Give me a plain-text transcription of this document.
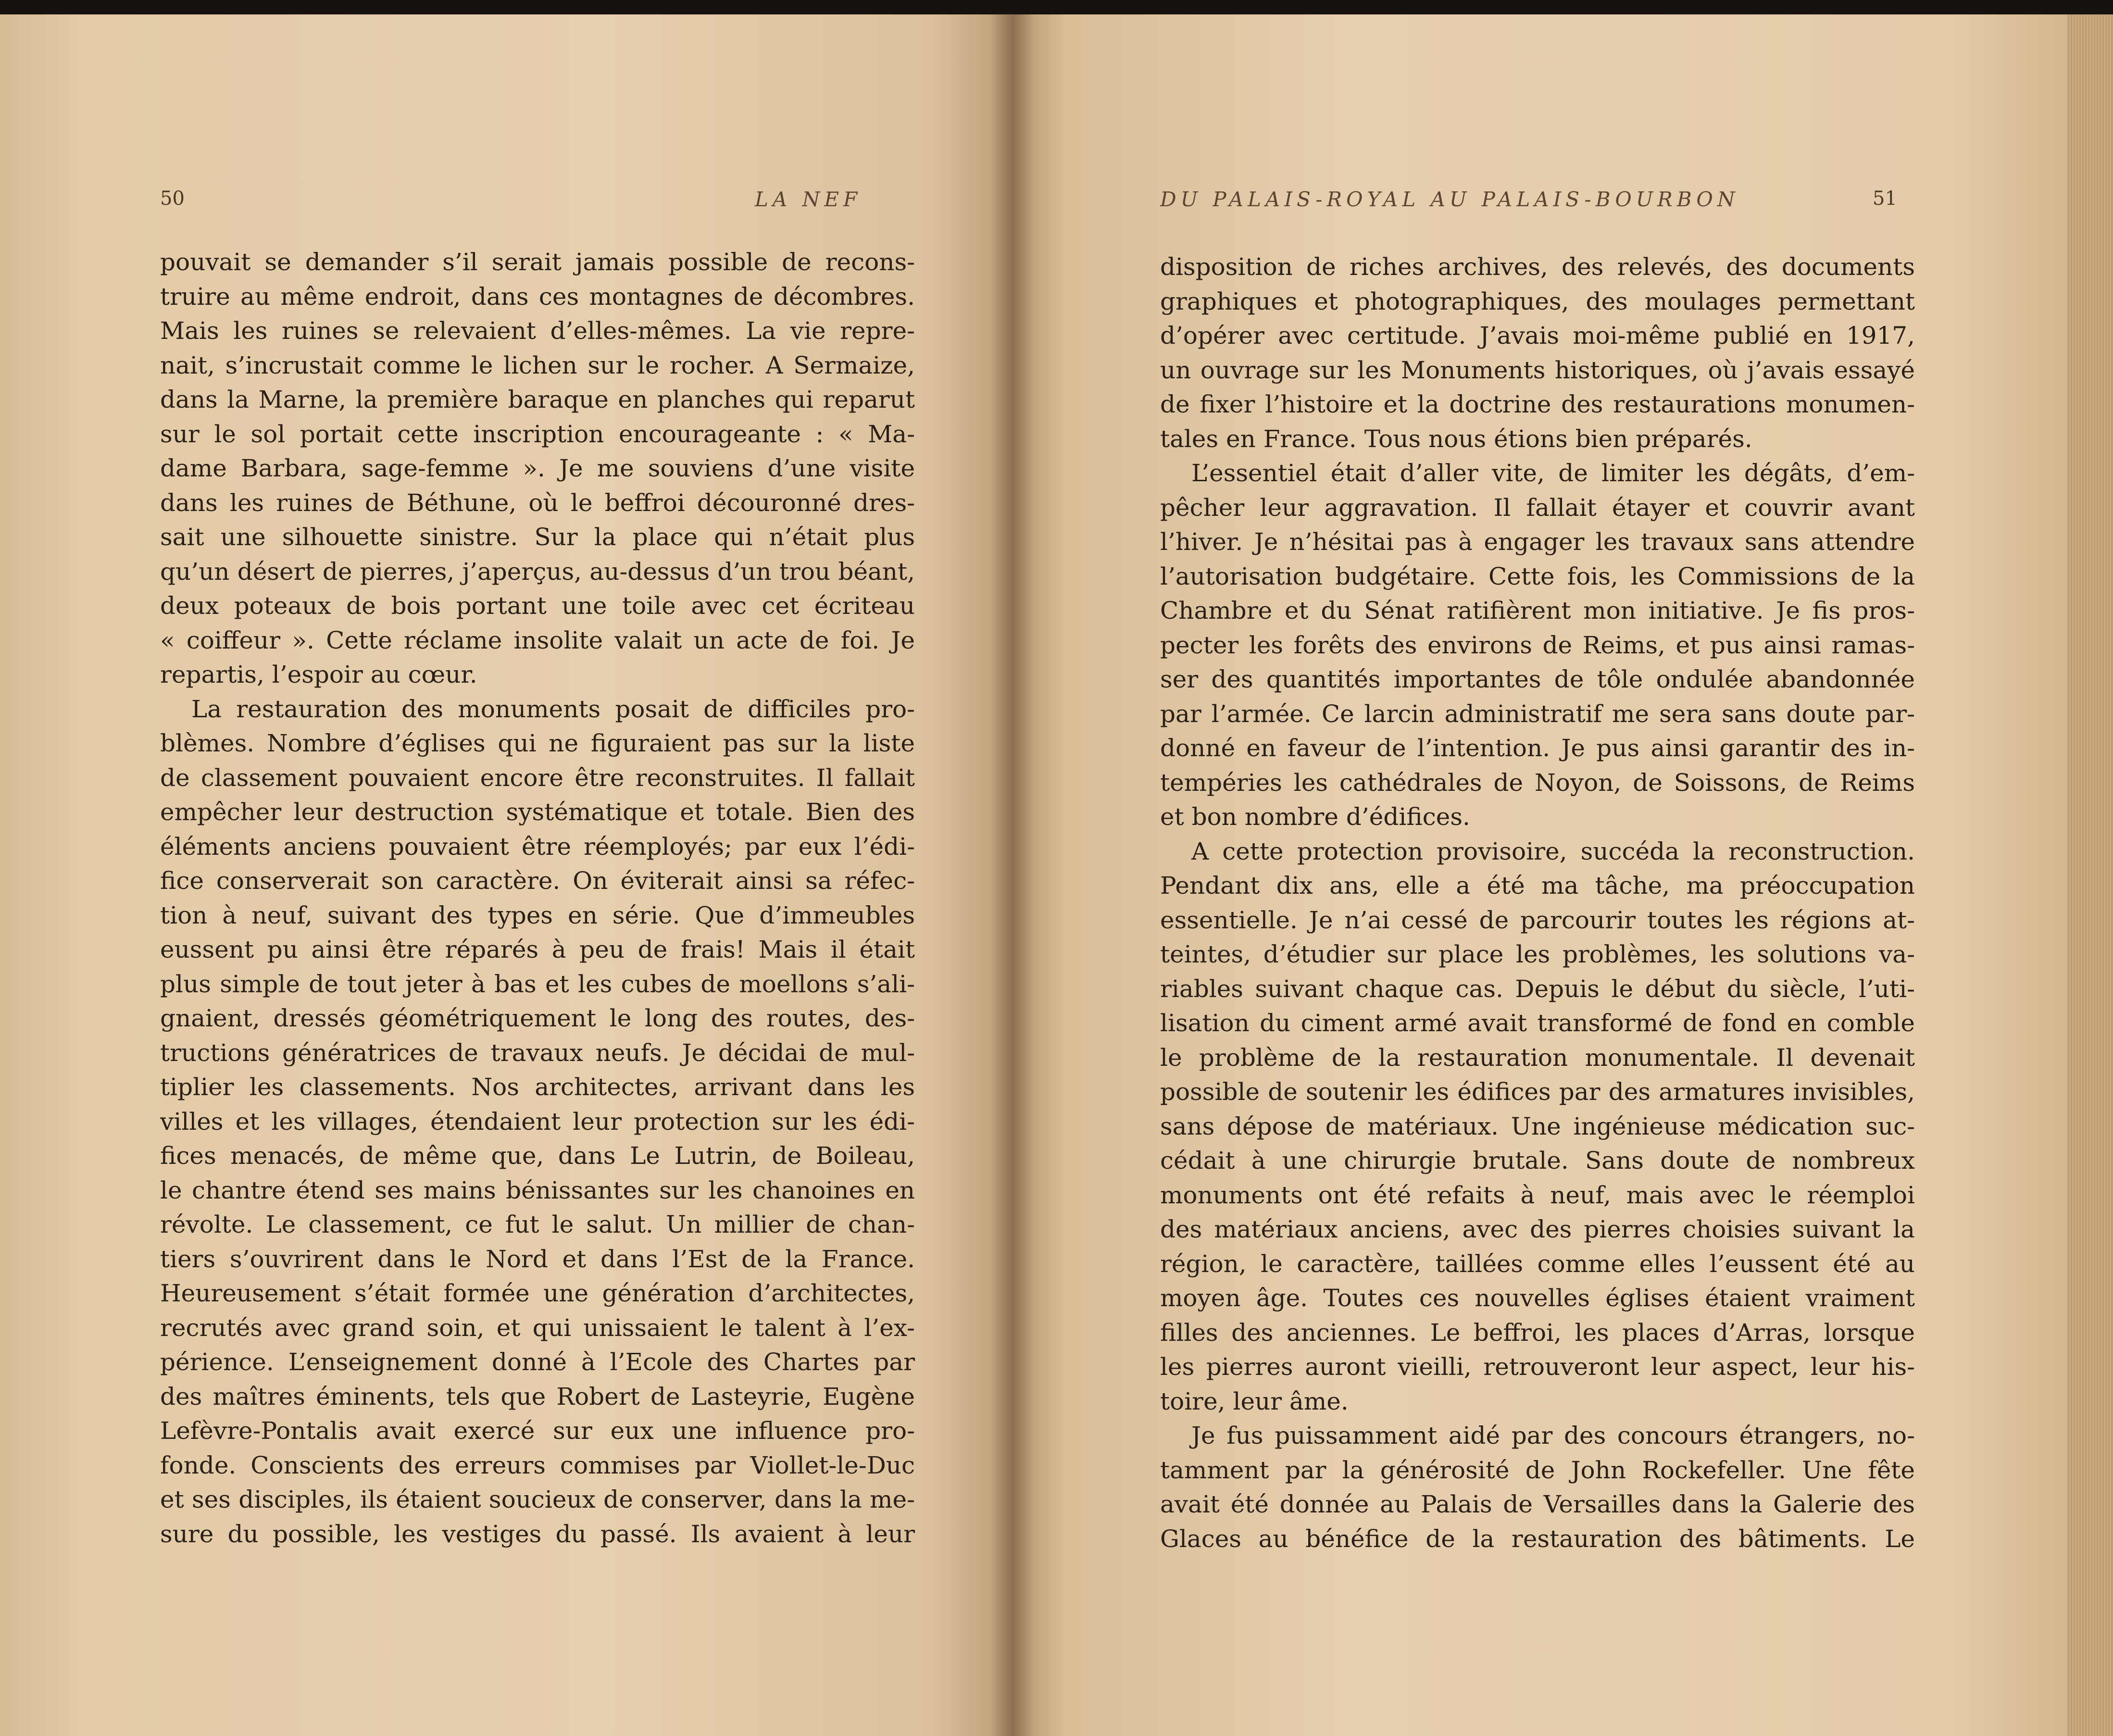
50	LA NEF
pouvait se demander s’il serait jamais possible de recons-
truire au même endroit, dans ces montagnes de décombres.
Mais les ruines se relevaient d’elles-mêmes. La vie repre-
nait, s’incrustait comme le lichen sur le rocher. A Sermaize,
dans la Marne, la première baraque en planches qui reparut
sur le sol portait cette inscription encourageante : « Ma-
dame Barbara, sage-femme ». Je me souviens d’une visite
dans les ruines de Béthune, où le beffroi découronné dres-
sait une silhouette sinistre. Sur la place qui n’était plus
qu’un désert de pierres, j’aperçus, au-dessus d’un trou béant,
deux poteaux de bois portant une toile avec cet écriteau
« coiffeur ». Cette réclame insolite valait un acte de foi. Je
repartis, l’espoir au cœur.
La restauration des monuments posait de difficiles pro-
blèmes. Nombre d’églises qui ne figuraient pas sur la liste
de classement pouvaient encore être reconstruites. Il fallait
empêcher leur destruction systématique et totale. Bien des
éléments anciens pouvaient être réemployés; par eux l’édi-
fice conserverait son caractère. On éviterait ainsi sa réfec-
tion à neuf, suivant des types en série. Que d’immeubles
eussent pu ainsi être réparés à peu de frais! Mais il était
plus simple de tout jeter à bas et les cubes de moellons s’ali-
gnaient, dressés géométriquement le long des routes, des-
tructions génératrices de travaux neufs. Je décidai de mul-
tiplier les classements. Nos architectes, arrivant dans les
villes et les villages, étendaient leur protection sur les édi-
fices menacés, de même que, dans Le Lutrin, de Boileau,
le chantre étend ses mains bénissantes sur les chanoines en
révolte. Le classement, ce fut le salut. Un millier de chan-
tiers s’ouvrirent dans le Nord et dans l’Est de la France.
Heureusement s’était formée une génération d’architectes,
recrutés avec grand soin, et qui unissaient le talent à l’ex-
périence. L’enseignement donné à l’Ecole des Chartes par
des maîtres éminents, tels que Robert de Lasteyrie, Eugène
Lefèvre-Pontalis avait exercé sur eux une influence pro-
fonde. Conscients des erreurs commises par Viollet-le-Duc
et ses disciples, ils étaient soucieux de conserver, dans la me-
sure du possible, les vestiges du passé. Ils avaient à leur
DU PALAIS-ROYAL AU PALAIS-BOURBON	51
disposition de riches archives, des relevés, des documents
graphiques et photographiques, des moulages permettant
d’opérer avec certitude. J’avais moi-même publié en 1917,
un ouvrage sur les Monuments historiques, où j’avais essayé
de fixer l’histoire et la doctrine des restaurations monumen-
tales en France. Tous nous étions bien préparés.
L’essentiel était d’aller vite, de limiter les dégâts, d’em-
pêcher leur aggravation. Il fallait étayer et couvrir avant
l’hiver. Je n’hésitai pas à engager les travaux sans attendre
l’autorisation budgétaire. Cette fois, les Commissions de la
Chambre et du Sénat ratifièrent mon initiative. Je fis pros-
pecter les forêts des environs de Reims, et pus ainsi ramas-
ser des quantités importantes de tôle ondulée abandonnée
par l’armée. Ce larcin administratif me sera sans doute par-
donné en faveur de l’intention. Je pus ainsi garantir des in-
tempéries les cathédrales de Noyon, de Soissons, de Reims
et bon nombre d’édifices.
A cette protection provisoire, succéda la reconstruction.
Pendant dix ans, elle a été ma tâche, ma préoccupation
essentielle. Je n’ai cessé de parcourir toutes les régions at-
teintes, d’étudier sur place les problèmes, les solutions va-
riables suivant chaque cas. Depuis le début du siècle, l’uti-
lisation du ciment armé avait transformé de fond en comble
le problème de la restauration monumentale. Il devenait
possible de soutenir les édifices par des armatures invisibles,
sans dépose de matériaux. Une ingénieuse médication suc-
cédait à une chirurgie brutale. Sans doute de nombreux
monuments ont été refaits à neuf, mais avec le réemploi
des matériaux anciens, avec des pierres choisies suivant la
région, le caractère, taillées comme elles l’eussent été au
moyen âge. Toutes ces nouvelles églises étaient vraiment
filles des anciennes. Le beffroi, les places d’Arras, lorsque
les pierres auront vieilli, retrouveront leur aspect, leur his-
toire, leur âme.
Je fus puissamment aidé par des concours étrangers, no-
tamment par la générosité de John Rockefeller. Une fête
avait été donnée au Palais de Versailles dans la Galerie des
Glaces au bénéfice de la restauration des bâtiments. Le
